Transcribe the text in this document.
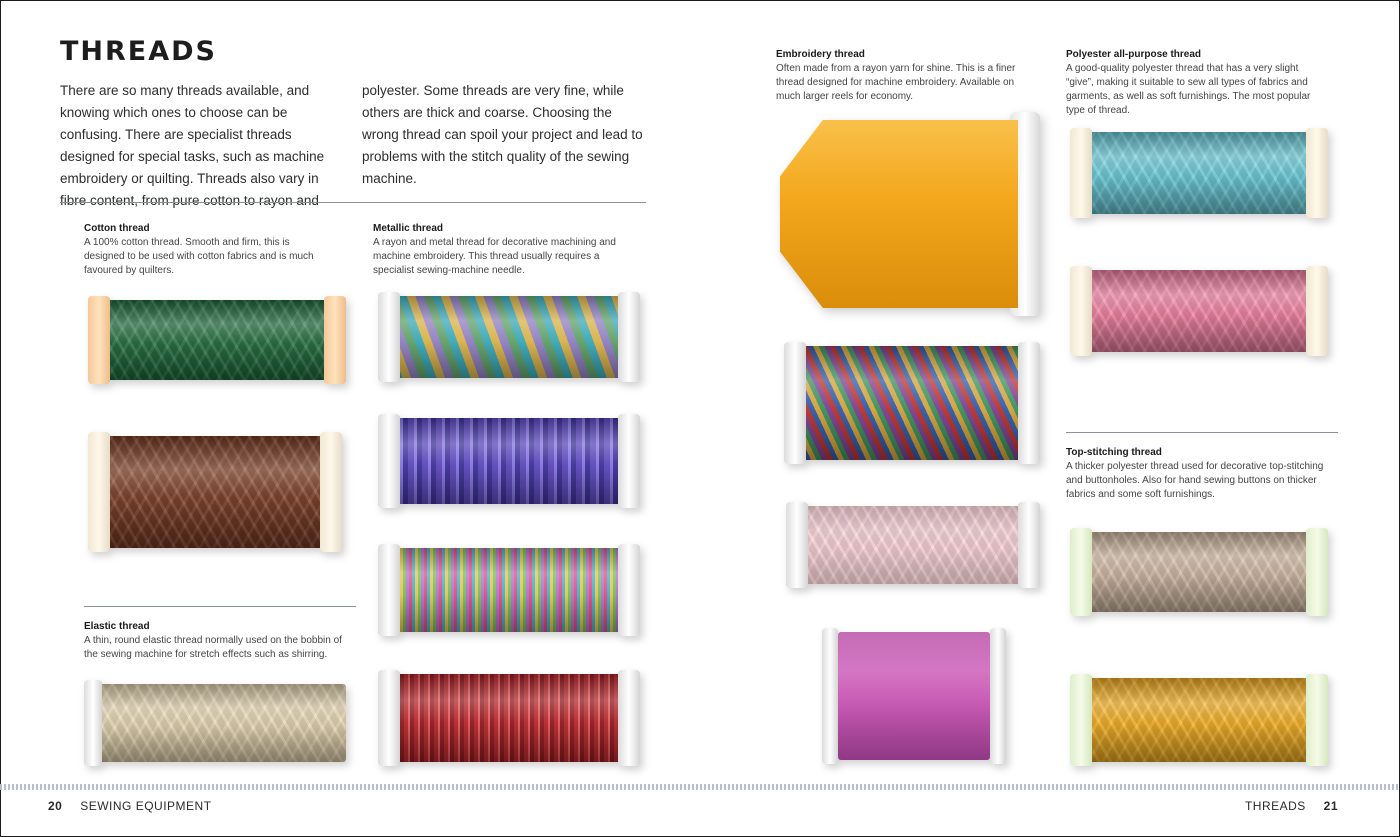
THREADS

There are so many threads available, and knowing which ones to choose can be confusing. There are specialist threads designed for special tasks, such as machine embroidery or quilting. Threads also vary in fibre content, from pure cotton to rayon and

polyester. Some threads are very fine, while others are thick and coarse. Choosing the wrong thread can spoil your project and lead to problems with the stitch quality of the sewing machine.

Cotton thread
A 100% cotton thread. Smooth and firm, this is designed to be used with cotton fabrics and is much favoured by quilters.
Elastic thread
A thin, round elastic thread normally used on the bobbin of the sewing machine for stretch effects such as shirring.
Metallic thread
A rayon and metal thread for decorative machining and machine embroidery. This thread usually requires a specialist sewing-machine needle.
Embroidery thread
Often made from a rayon yarn for shine. This is a finer thread designed for machine embroidery. Available on much larger reels for economy.
Polyester all-purpose thread
A good-quality polyester thread that has a very slight “give”, making it suitable to sew all types of fabrics and garments, as well as soft furnishings. The most popular type of thread.
Top-stitching thread
A thicker polyester thread used for decorative top-stitching and buttonholes. Also for hand sewing buttons on thicker fabrics and some soft furnishings.
20 SEWING EQUIPMENT	THREADS 21
